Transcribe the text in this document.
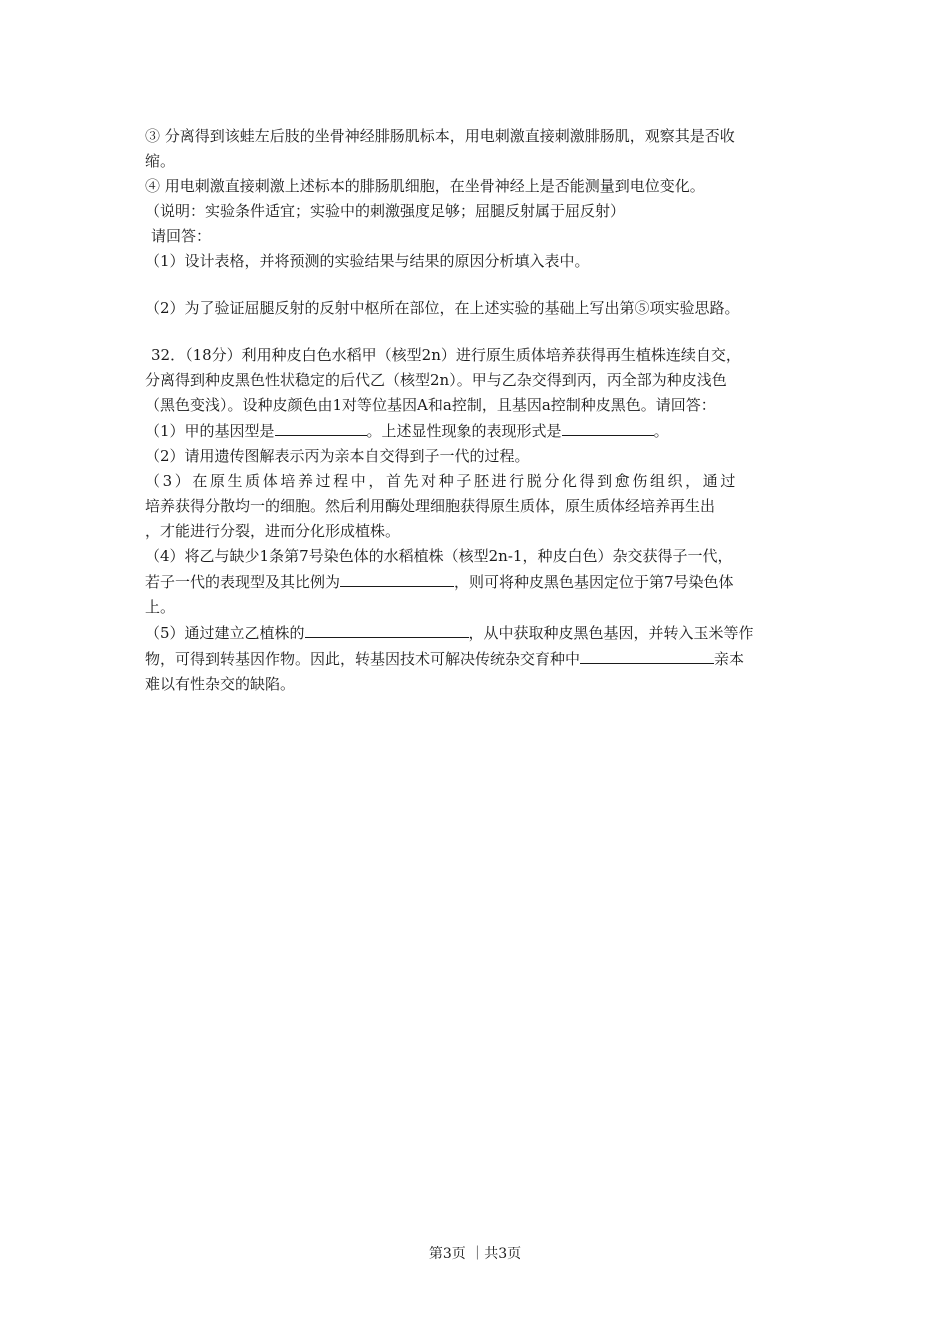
③ 分离得到该蛙左后肢的坐骨神经腓肠肌标本，用电刺激直接刺激腓肠肌，观察其是否收
缩。
④ 用电刺激直接刺激上述标本的腓肠肌细胞，在坐骨神经上是否能测量到电位变化。
（说明：实验条件适宜；实验中的刺激强度足够；屈腿反射属于屈反射）
请回答：
（1）设计表格，并将预测的实验结果与结果的原因分析填入表中。
（2）为了验证屈腿反射的反射中枢所在部位，在上述实验的基础上写出第⑤项实验思路。
32．（18分）利用种皮白色水稻甲（核型2n）进行原生质体培养获得再生植株连续自交，
分离得到种皮黑色性状稳定的后代乙（核型2n）。甲与乙杂交得到丙，丙全部为种皮浅色
（黑色变浅）。设种皮颜色由1对等位基因A和a控制，且基因a控制种皮黑色。请回答：
（1）甲的基因型是	。上述显性现象的表现形式是	。
（2）请用遗传图解表示丙为亲本自交得到子一代的过程。
（3）在原生质体培养过程中，首先对种子胚进行脱分化得到愈伤组织，通过
培养获得分散均一的细胞。然后利用酶处理细胞获得原生质体，原生质体经培养再生出
，才能进行分裂，进而分化形成植株。
（4）将乙与缺少1条第7号染色体的水稻植株（核型2n-1，种皮白色）杂交获得子一代，
若子一代的表现型及其比例为	，则可将种皮黑色基因定位于第7号染色体
上。
（5）通过建立乙植株的	，从中获取种皮黑色基因，并转入玉米等作
物，可得到转基因作物。因此，转基因技术可解决传统杂交育种中	亲本
难以有性杂交的缺陷。
第3页 ｜共3页
